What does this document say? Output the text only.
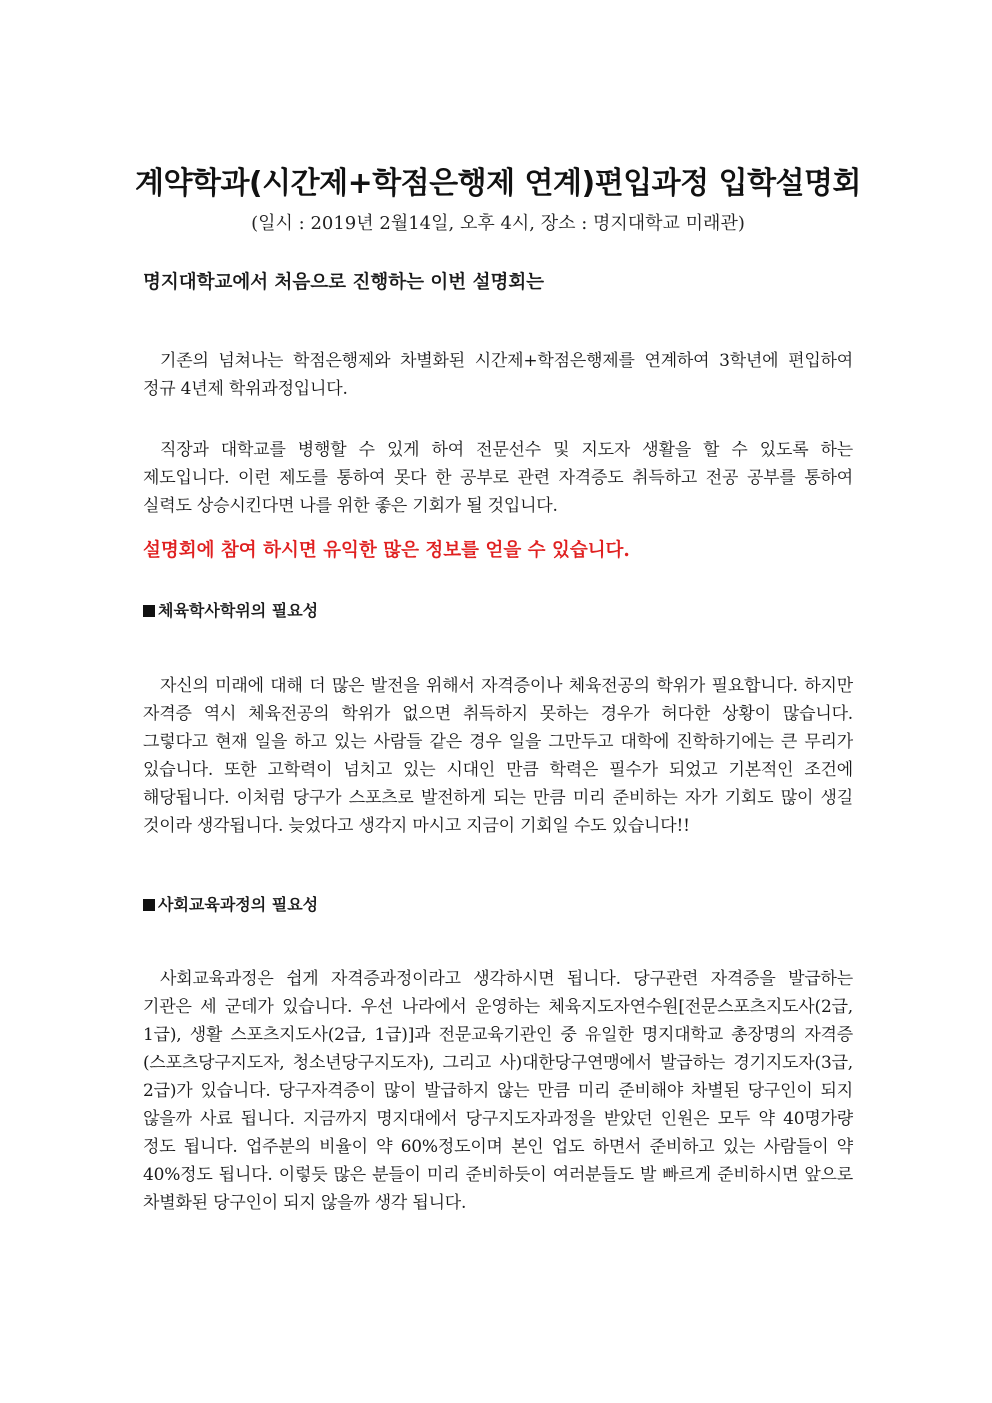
계약학과(시간제+학점은행제 연계)편입과정 입학설명회
(일시 : 2019년 2월14일, 오후 4시, 장소 : 명지대학교 미래관)
명지대학교에서 처음으로 진행하는 이번 설명회는

기존의 넘쳐나는 학점은행제와 차별화된 시간제+학점은행제를 연계하여 3학년에 편입하여 정규 4년제 학위과정입니다.

직장과 대학교를 병행할 수 있게 하여 전문선수 및 지도자 생활을 할 수 있도록 하는 제도입니다. 이런 제도를 통하여 못다 한 공부로 관련 자격증도 취득하고 전공 공부를 통하여 실력도 상승시킨다면 나를 위한 좋은 기회가 될 것입니다.

설명회에 참여 하시면 유익한 많은 정보를 얻을 수 있습니다.
체육학사학위의 필요성

자신의 미래에 대해 더 많은 발전을 위해서 자격증이나 체육전공의 학위가 필요합니다. 하지만 자격증 역시 체육전공의 학위가 없으면 취득하지 못하는 경우가 허다한 상황이 많습니다. 그렇다고 현재 일을 하고 있는 사람들 같은 경우 일을 그만두고 대학에 진학하기에는 큰 무리가 있습니다. 또한 고학력이 넘치고 있는 시대인 만큼 학력은 필수가 되었고 기본적인 조건에 해당됩니다. 이처럼 당구가 스포츠로 발전하게 되는 만큼 미리 준비하는 자가 기회도 많이 생길 것이라 생각됩니다. 늦었다고 생각지 마시고 지금이 기회일 수도 있습니다!!

사회교육과정의 필요성

사회교육과정은 쉽게 자격증과정이라고 생각하시면 됩니다. 당구관련 자격증을 발급하는 기관은 세 군데가 있습니다. 우선 나라에서 운영하는 체육지도자연수원[전문스포츠지도사(2급, 1급), 생활 스포츠지도사(2급, 1급)]과 전문교육기관인 중 유일한 명지대학교 총장명의 자격증(스포츠당구지도자, 청소년당구지도자), 그리고 사)대한당구연맹에서 발급하는 경기지도자(3급, 2급)가 있습니다. 당구자격증이 많이 발급하지 않는 만큼 미리 준비해야 차별된 당구인이 되지 않을까 사료 됩니다. 지금까지 명지대에서 당구지도자과정을 받았던 인원은 모두 약 40명가량 정도 됩니다. 업주분의 비율이 약 60%정도이며 본인 업도 하면서 준비하고 있는 사람들이 약 40%정도 됩니다. 이렇듯 많은 분들이 미리 준비하듯이 여러분들도 발 빠르게 준비하시면 앞으로 차별화된 당구인이 되지 않을까 생각 됩니다.
